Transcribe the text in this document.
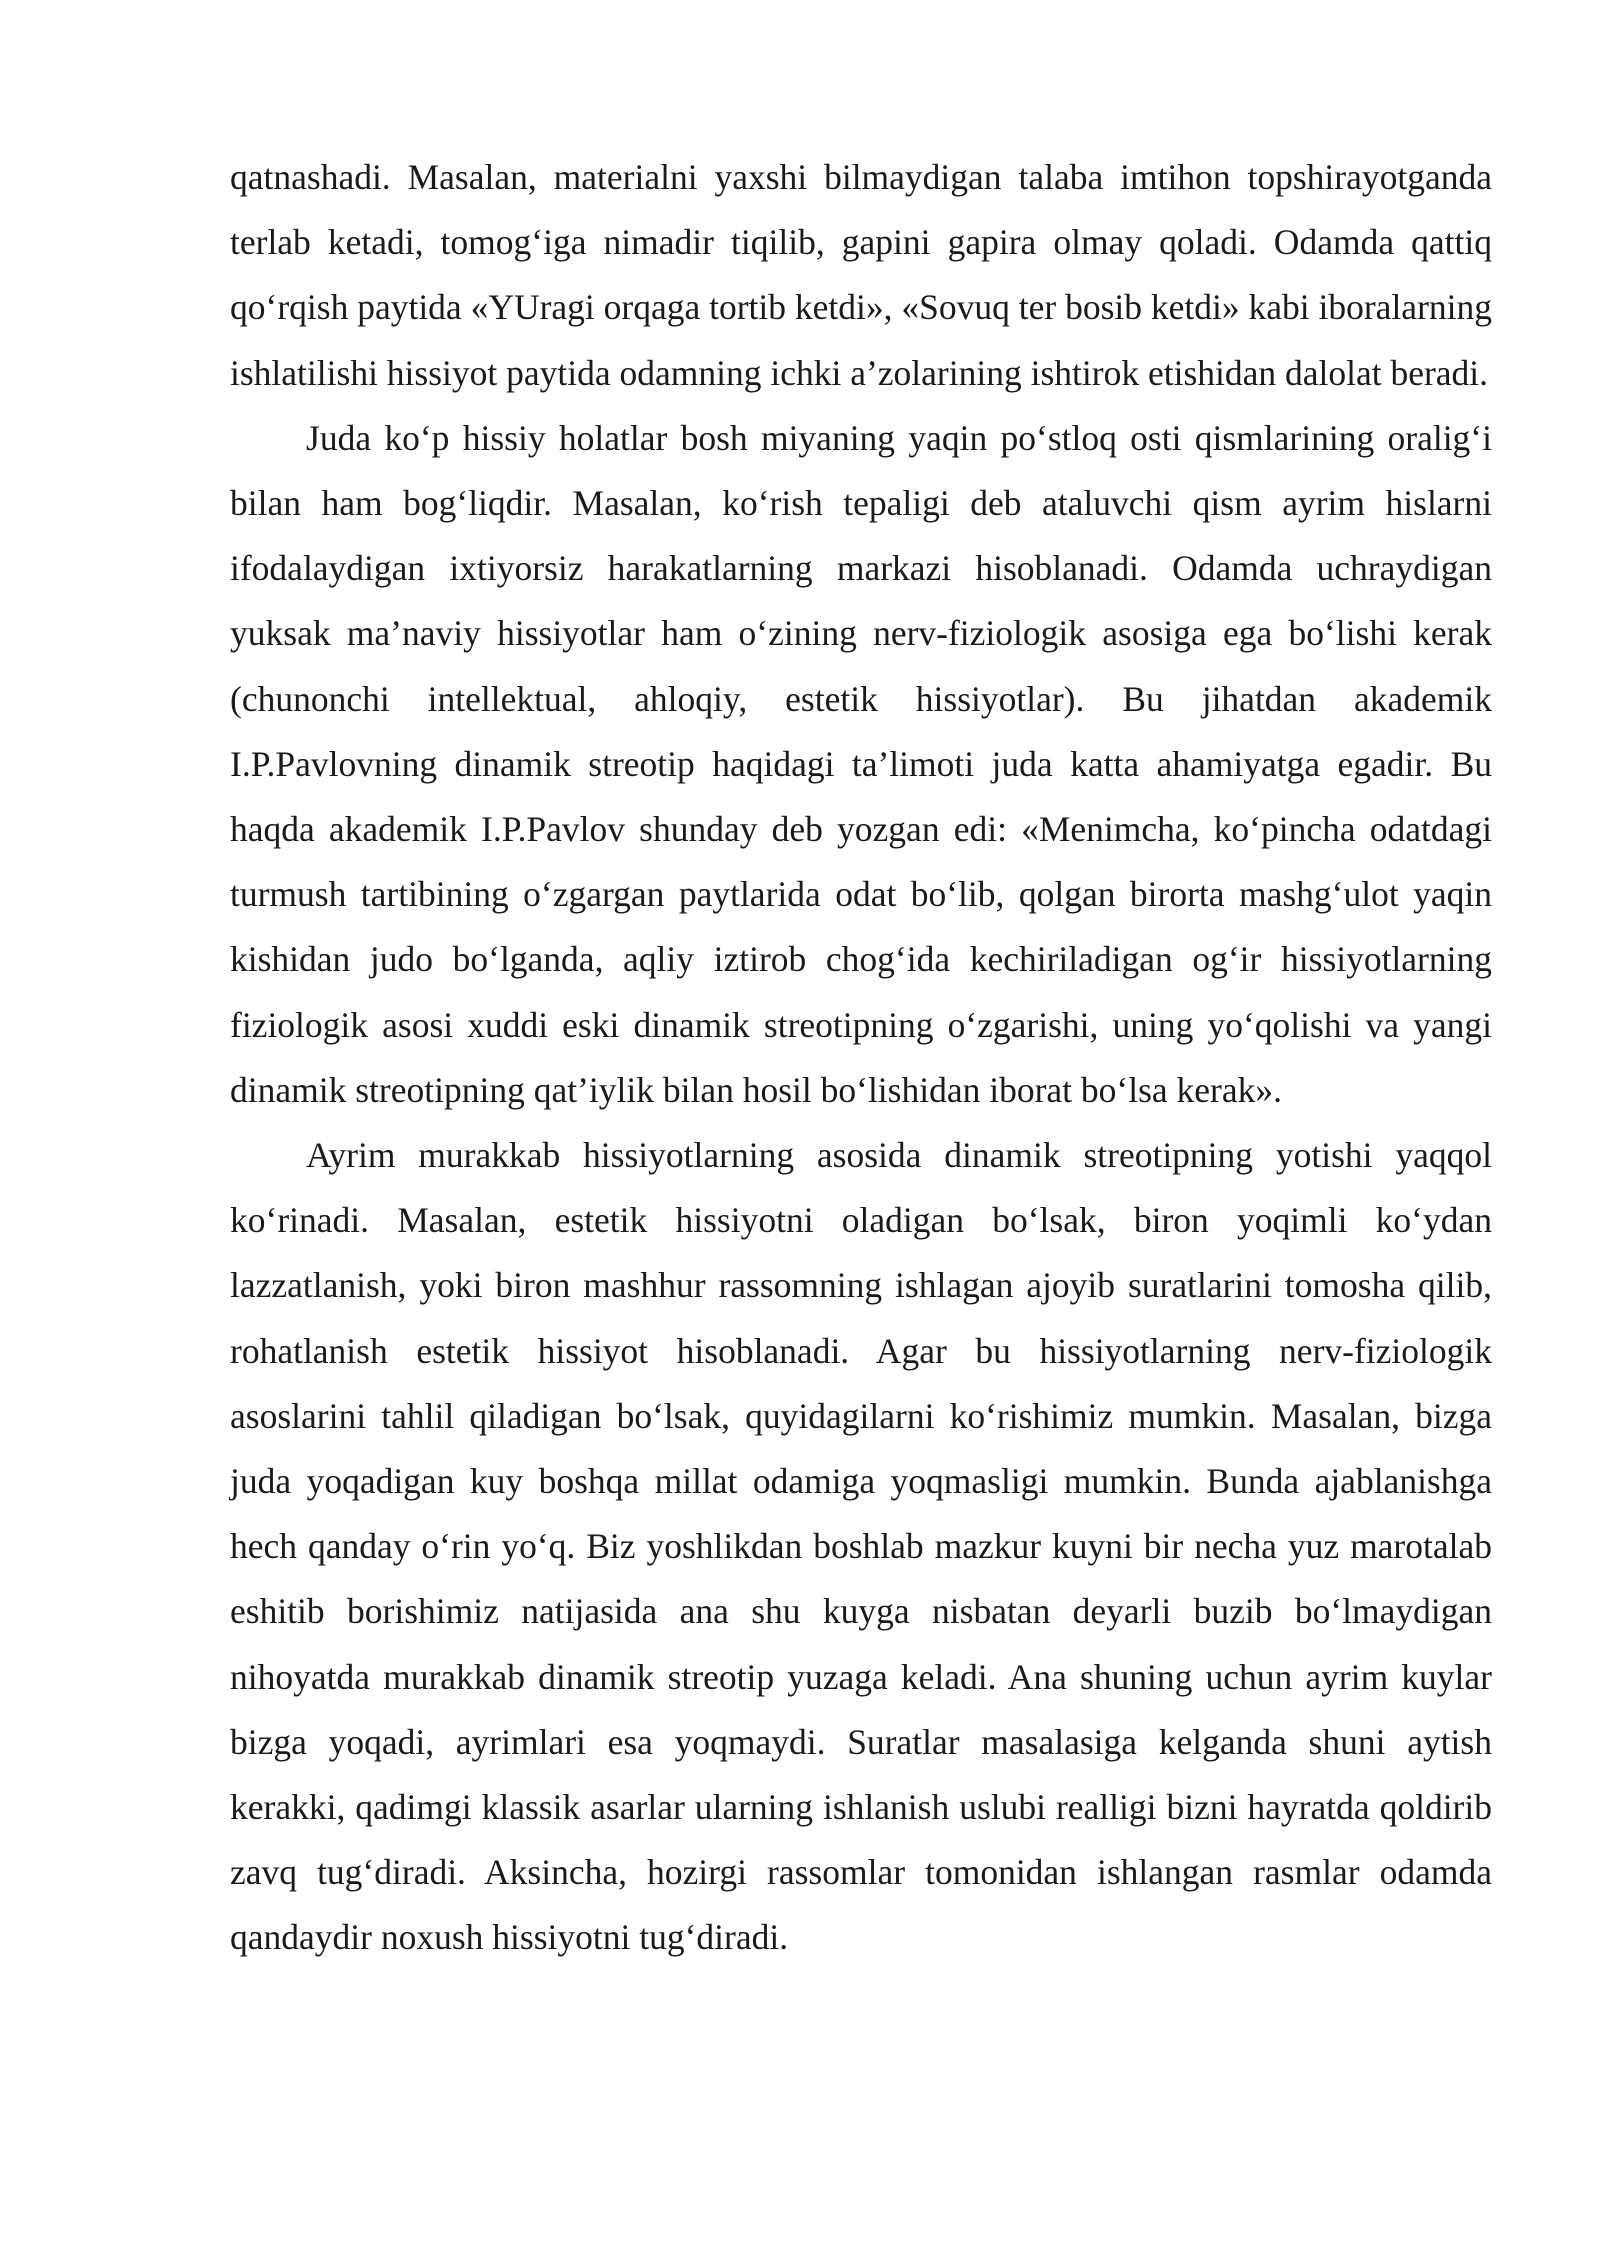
qatnashadi. Masalan, materialni yaxshi bilmaydigan talaba imtihon topshirayotganda terlab ketadi, tomog‘iga nimadir tiqilib, gapini gapira olmay qoladi. Odamda qattiq qo‘rqish paytida «YUragi orqaga tortib ketdi», «Sovuq ter bosib ketdi» kabi iboralarning ishlatilishi hissiyot paytida odamning ichki a’zolarining ishtirok etishidan dalolat beradi.

Juda ko‘p hissiy holatlar bosh miyaning yaqin po‘stloq osti qismlarining oralig‘i bilan ham bog‘liqdir. Masalan, ko‘rish tepaligi deb ataluvchi qism ayrim hislarni ifodalaydigan ixtiyorsiz harakatlarning markazi hisoblanadi. Odamda uchraydigan yuksak ma’naviy hissiyotlar ham o‘zining nerv-fiziologik asosiga ega bo‘lishi kerak (chunonchi intellektual, ahloqiy, estetik hissiyotlar). Bu jihatdan akademik I.P.Pavlovning dinamik streotip haqidagi ta’limoti juda katta ahamiyatga egadir. Bu haqda akademik I.P.Pavlov shunday deb yozgan edi: «Menimcha, ko‘pincha odatdagi turmush tartibining o‘zgargan paytlarida odat bo‘lib, qolgan birorta mashg‘ulot yaqin kishidan judo bo‘lganda, aqliy iztirob chog‘ida kechiriladigan og‘ir hissiyotlarning fiziologik asosi xuddi eski dinamik streotipning o‘zgarishi, uning yo‘qolishi va yangi dinamik streotipning qat’iylik bilan hosil bo‘lishidan iborat bo‘lsa kerak».

Ayrim murakkab hissiyotlarning asosida dinamik streotipning yotishi yaqqol ko‘rinadi. Masalan, estetik hissiyotni oladigan bo‘lsak, biron yoqimli ko‘ydan lazzatlanish, yoki biron mashhur rassomning ishlagan ajoyib suratlarini tomosha qilib, rohatlanish estetik hissiyot hisoblanadi. Agar bu hissiyotlarning nerv-fiziologik asoslarini tahlil qiladigan bo‘lsak, quyidagilarni ko‘rishimiz mumkin. Masalan, bizga juda yoqadigan kuy boshqa millat odamiga yoqmasligi mumkin. Bunda ajablanishga hech qanday o‘rin yo‘q. Biz yoshlikdan boshlab mazkur kuyni bir necha yuz marotalab eshitib borishimiz natijasida ana shu kuyga nisbatan deyarli buzib bo‘lmaydigan nihoyatda murakkab dinamik streotip yuzaga keladi. Ana shuning uchun ayrim kuylar bizga yoqadi, ayrimlari esa yoqmaydi. Suratlar masalasiga kelganda shuni aytish kerakki, qadimgi klassik asarlar ularning ishlanish uslubi realligi bizni hayratda qoldirib zavq tug‘diradi. Aksincha, hozirgi rassomlar tomonidan ishlangan rasmlar odamda qandaydir noxush hissiyotni tug‘diradi.
